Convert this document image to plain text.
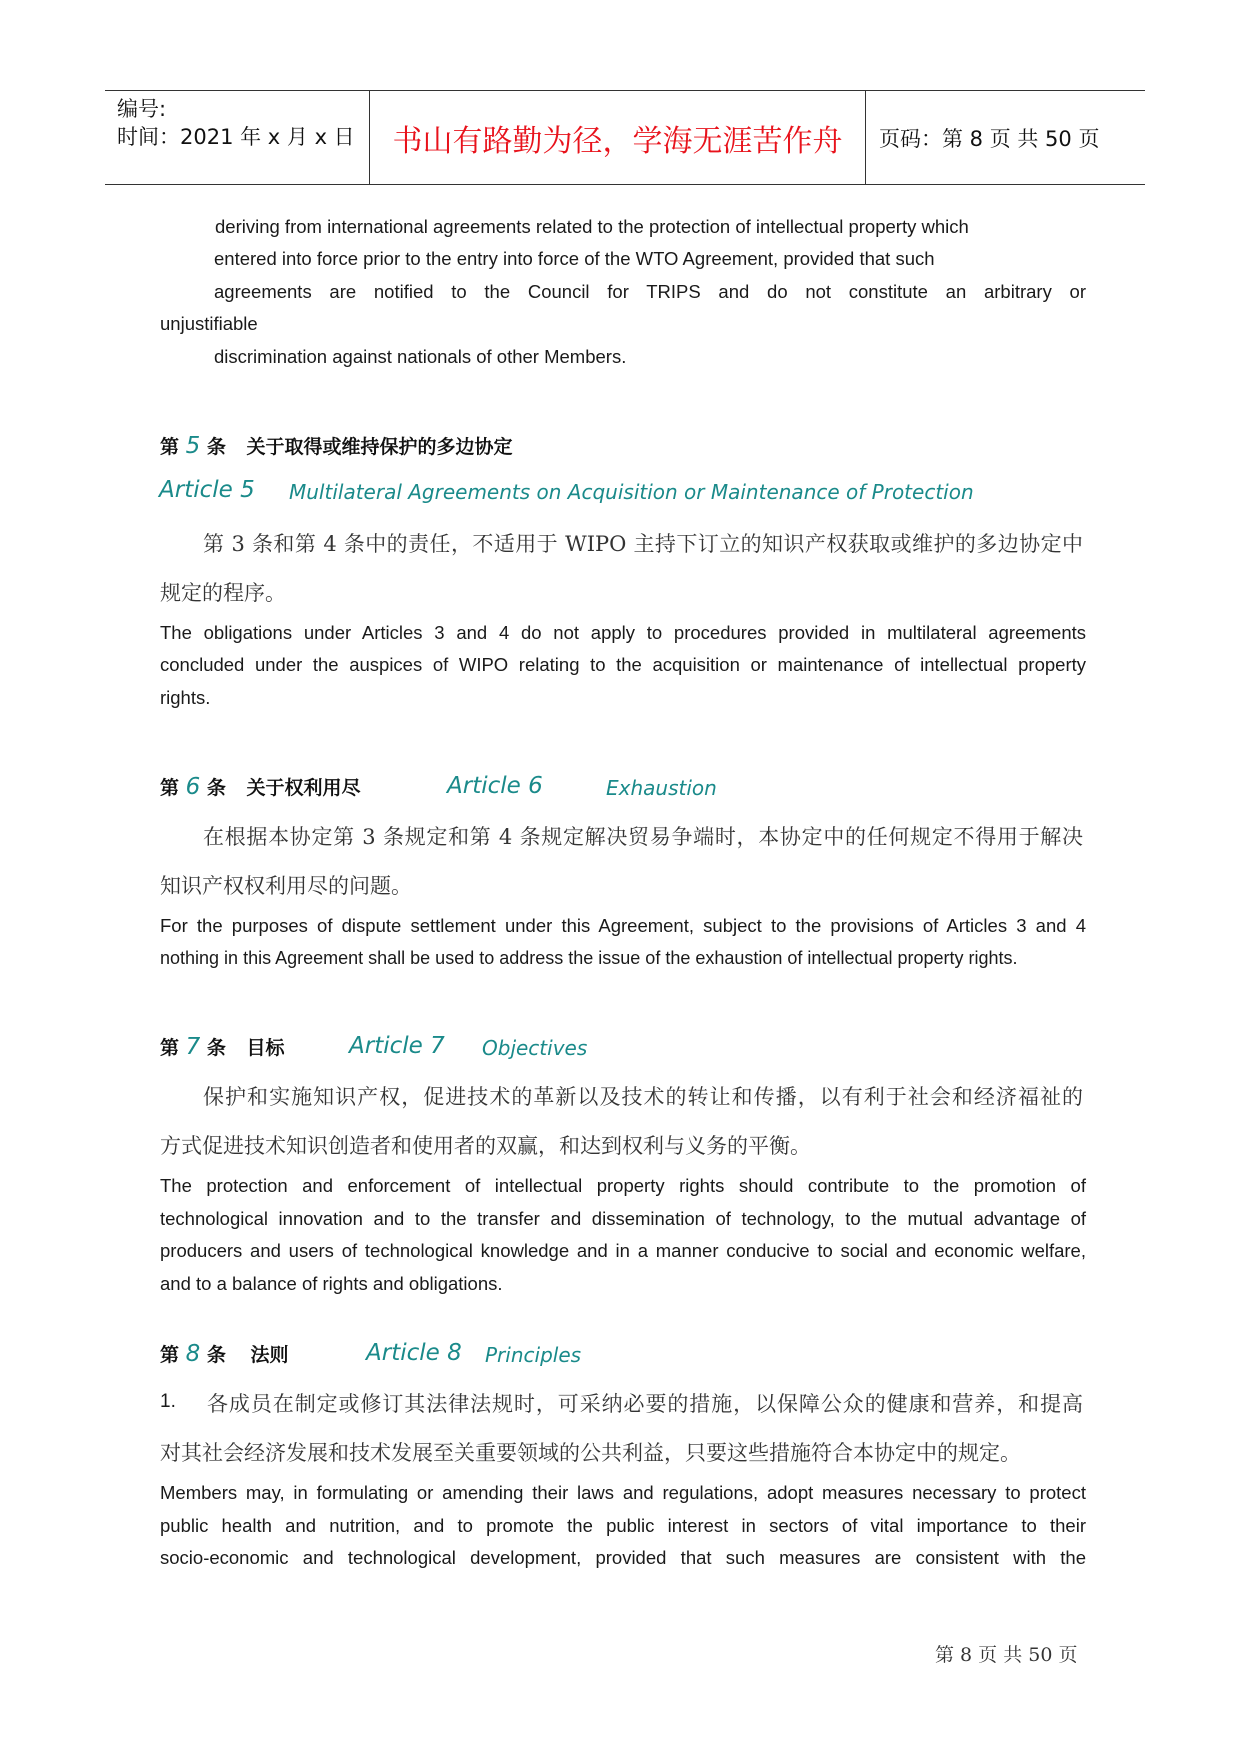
编号:
时间：2021 年 x 月 x 日 书山有路勤为径，学海无涯苦作舟 页码：第 8 页 共 50 页
deriving from international agreements related to the protection of intellectual property which
entered into force prior to the entry into force of the WTO Agreement, provided that such
agreements are notified to the Council for TRIPS and do not constitute an arbitrary or
unjustifiable
discrimination against nationals of other Members.
第 5 条 关于取得或维持保护的多边协定
Article 5 Multilateral Agreements on Acquisition or Maintenance of Protection
第 3 条和第 4 条中的责任，不适用于 WIPO 主持下订立的知识产权获取或维护的多边协定中
规定的程序。
The obligations under Articles 3 and 4 do not apply to procedures provided in multilateral agreements
concluded under the auspices of WIPO relating to the acquisition or maintenance of intellectual property
rights.
第 6 条 关于权利用尽	Article 6	Exhaustion
在根据本协定第 3 条规定和第 4 条规定解决贸易争端时，本协定中的任何规定不得用于解决
知识产权权利用尽的问题。
For the purposes of dispute settlement under this Agreement, subject to the provisions of Articles 3 and 4
nothing in this Agreement shall be used to address the issue of the exhaustion of intellectual property rights.
第 7 条 目标	Article 7 Objectives
保护和实施知识产权，促进技术的革新以及技术的转让和传播，以有利于社会和经济福祉的
方式促进技术知识创造者和使用者的双赢，和达到权利与义务的平衡。
The protection and enforcement of intellectual property rights should contribute to the promotion of
technological innovation and to the transfer and dissemination of technology, to the mutual advantage of
producers and users of technological knowledge and in a manner conducive to social and economic welfare,
and to a balance of rights and obligations.
第 8 条 法则	Article 8 Principles
1. 各成员在制定或修订其法律法规时，可采纳必要的措施，以保障公众的健康和营养，和提高
对其社会经济发展和技术发展至关重要领域的公共利益，只要这些措施符合本协定中的规定。
Members may, in formulating or amending their laws and regulations, adopt measures necessary to protect
public health and nutrition, and to promote the public interest in sectors of vital importance to their
socio-economic and technological development, provided that such measures are consistent with the
第 8 页 共 50 页
